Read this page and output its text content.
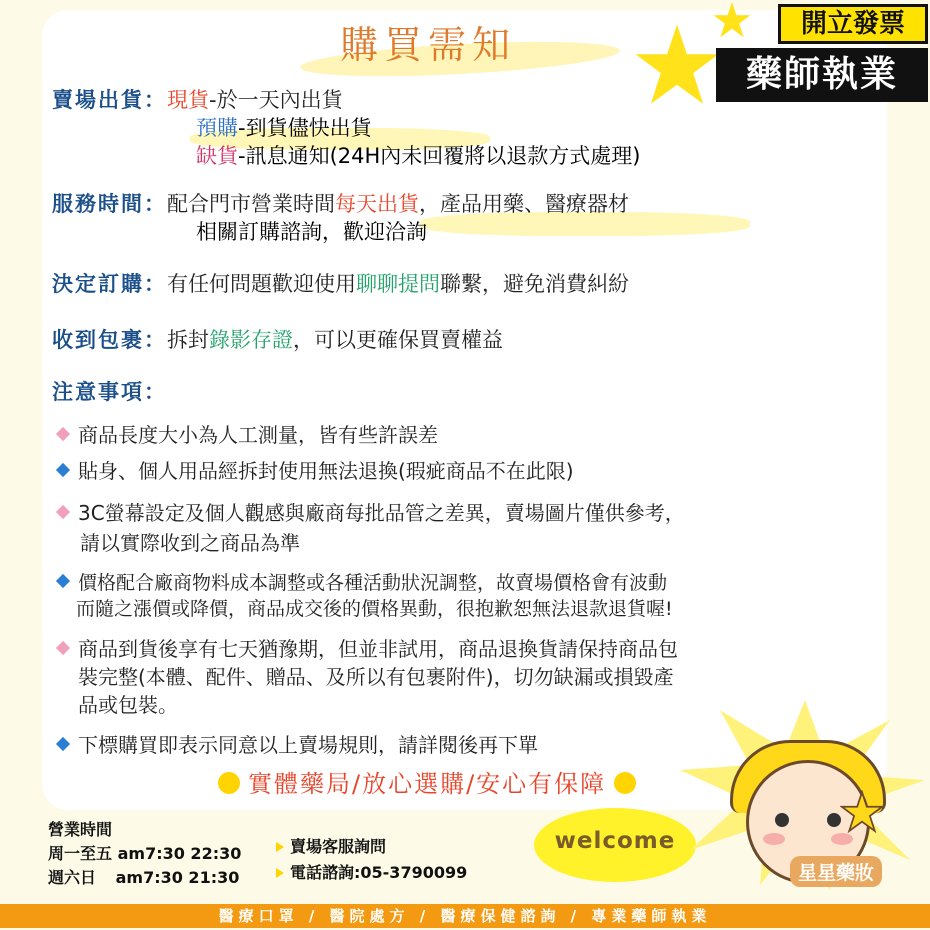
購買需知	開立發票
藥師執業
賣場出貨：現貨-於一天內出貨
預購-到貨儘快出貨
缺貨-訊息通知(24H內未回覆將以退款方式處理)
服務時間：配合門市營業時間每天出貨，產品用藥、醫療器材
相關訂購諮詢，歡迎洽詢
決定訂購：有任何問題歡迎使用聊聊提問聯繫，避免消費糾紛
收到包裹：拆封錄影存證，可以更確保買賣權益
注意事項：
商品長度大小為人工測量，皆有些許誤差
貼身、個人用品經拆封使用無法退換(瑕疵商品不在此限)
3C螢幕設定及個人觀感與廠商每批品管之差異，賣場圖片僅供參考，
請以實際收到之商品為準
價格配合廠商物料成本調整或各種活動狀況調整，故賣場價格會有波動
而隨之漲價或降價，商品成交後的價格異動，很抱歉恕無法退款退貨喔!
商品到貨後享有七天猶豫期，但並非試用，商品退換貨請保持商品包
裝完整(本體、配件、贈品、及所以有包裹附件)，切勿缺漏或損毀產
品或包裝。
下標購買即表示同意以上賣場規則，請詳閱後再下單
實體藥局/放心選購/安心有保障
營業時間
周一至五 am7:30 22:30
週六日 am7:30 21:30
賣場客服詢問
電話諮詢:05-3790099
welcome
星星藥妝
醫療口罩 / 醫院處方 / 醫療保健諮詢 / 專業藥師執業
